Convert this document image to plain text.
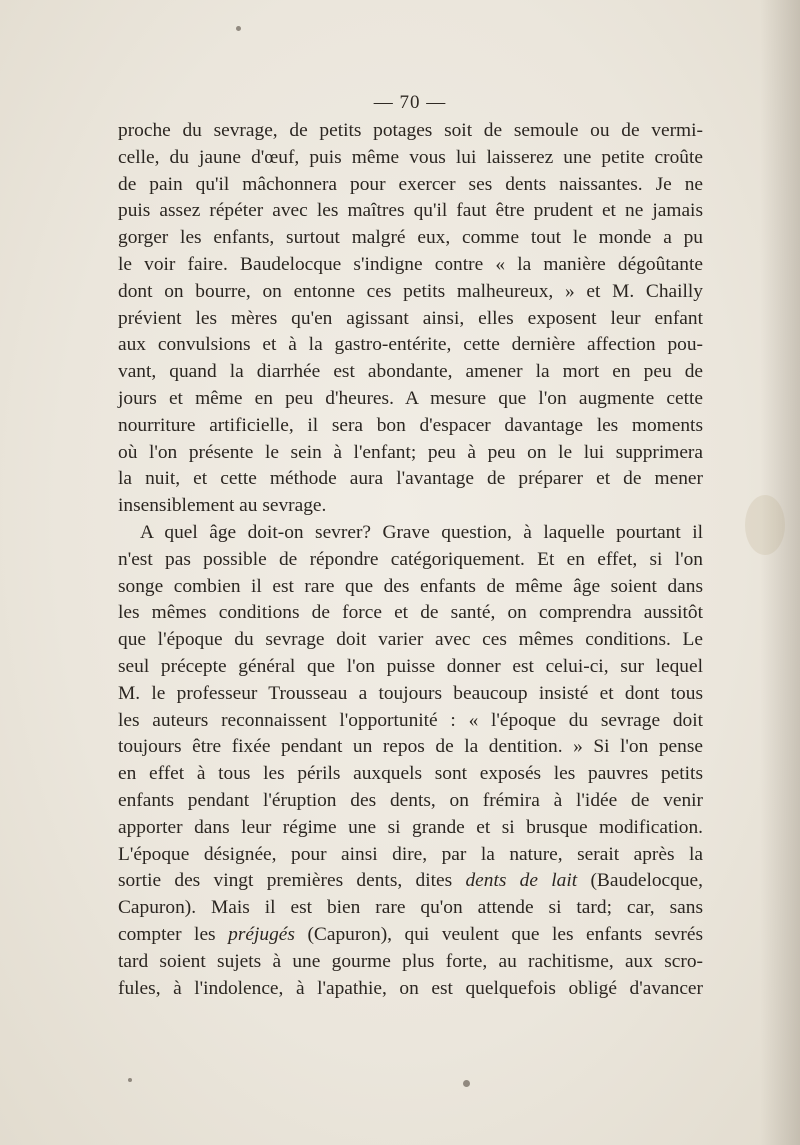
— 70 —
proche du sevrage, de petits potages soit de semoule ou de vermi-
celle, du jaune d'œuf, puis même vous lui laisserez une petite croûte
de pain qu'il mâchonnera pour exercer ses dents naissantes. Je ne
puis assez répéter avec les maîtres qu'il faut être prudent et ne jamais
gorger les enfants, surtout malgré eux, comme tout le monde a pu
le voir faire. Baudelocque s'indigne contre « la manière dégoûtante
dont on bourre, on entonne ces petits malheureux, » et M. Chailly
prévient les mères qu'en agissant ainsi, elles exposent leur enfant
aux convulsions et à la gastro-entérite, cette dernière affection pou-
vant, quand la diarrhée est abondante, amener la mort en peu de
jours et même en peu d'heures. A mesure que l'on augmente cette
nourriture artificielle, il sera bon d'espacer davantage les moments
où l'on présente le sein à l'enfant; peu à peu on le lui supprimera
la nuit, et cette méthode aura l'avantage de préparer et de mener
insensiblement au sevrage.
A quel âge doit-on sevrer? Grave question, à laquelle pourtant il
n'est pas possible de répondre catégoriquement. Et en effet, si l'on
songe combien il est rare que des enfants de même âge soient dans
les mêmes conditions de force et de santé, on comprendra aussitôt
que l'époque du sevrage doit varier avec ces mêmes conditions. Le
seul précepte général que l'on puisse donner est celui-ci, sur lequel
M. le professeur Trousseau a toujours beaucoup insisté et dont tous
les auteurs reconnaissent l'opportunité : « l'époque du sevrage doit
toujours être fixée pendant un repos de la dentition. » Si l'on pense
en effet à tous les périls auxquels sont exposés les pauvres petits
enfants pendant l'éruption des dents, on frémira à l'idée de venir
apporter dans leur régime une si grande et si brusque modification.
L'époque désignée, pour ainsi dire, par la nature, serait après la
sortie des vingt premières dents, dites dents de lait (Baudelocque,
Capuron). Mais il est bien rare qu'on attende si tard; car, sans
compter les préjugés (Capuron), qui veulent que les enfants sevrés
tard soient sujets à une gourme plus forte, au rachitisme, aux scro-
fules, à l'indolence, à l'apathie, on est quelquefois obligé d'avancer
